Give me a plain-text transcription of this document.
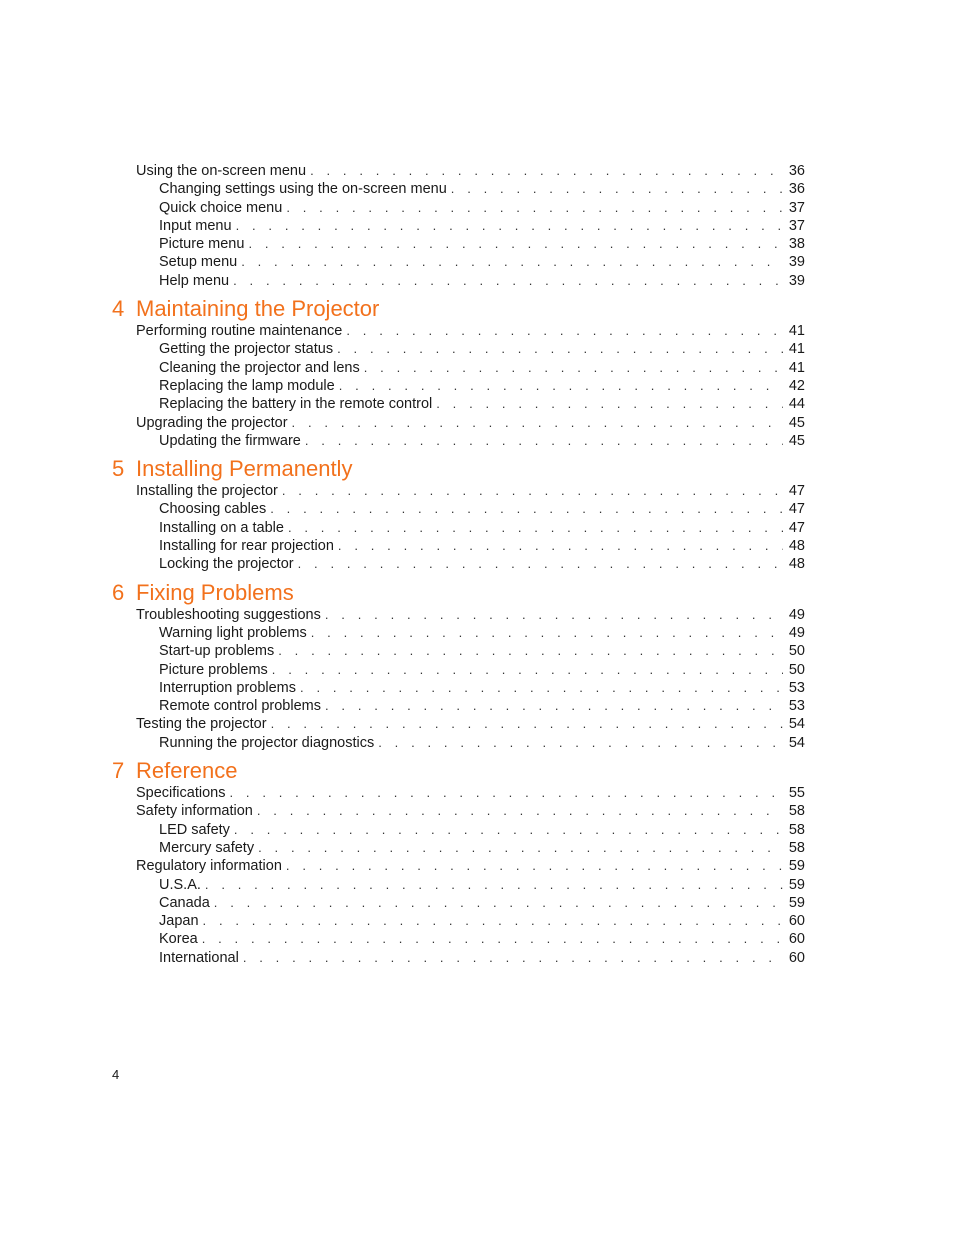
Using the on-screen menu . . .	36
Changing settings using the on-screen menu . . .	36
Quick choice menu . . .	37
Input menu . . .	37
Picture menu . . .	38
Setup menu . . .	39
Help menu . . .	39
4 Maintaining the Projector
Performing routine maintenance . . .	41
Getting the projector status . . .	41
Cleaning the projector and lens . . .	41
Replacing the lamp module . . .	42
Replacing the battery in the remote control . . .	44
Upgrading the projector . . .	45
Updating the firmware . . .	45
5 Installing Permanently
Installing the projector . . .	47
Choosing cables . . .	47
Installing on a table . . .	47
Installing for rear projection . . .	48
Locking the projector . . .	48
6 Fixing Problems
Troubleshooting suggestions . . .	49
Warning light problems . . .	49
Start-up problems . . .	50
Picture problems . . .	50
Interruption problems . . .	53
Remote control problems . . .	53
Testing the projector . . .	54
Running the projector diagnostics . . .	54
7 Reference
Specifications . . .	55
Safety information . . .	58
LED safety . . .	58
Mercury safety . . .	58
Regulatory information . . .	59
U.S.A. . . .	59
Canada . . .	59
Japan . . .	60
Korea . . .	60
International . . .	60
4
